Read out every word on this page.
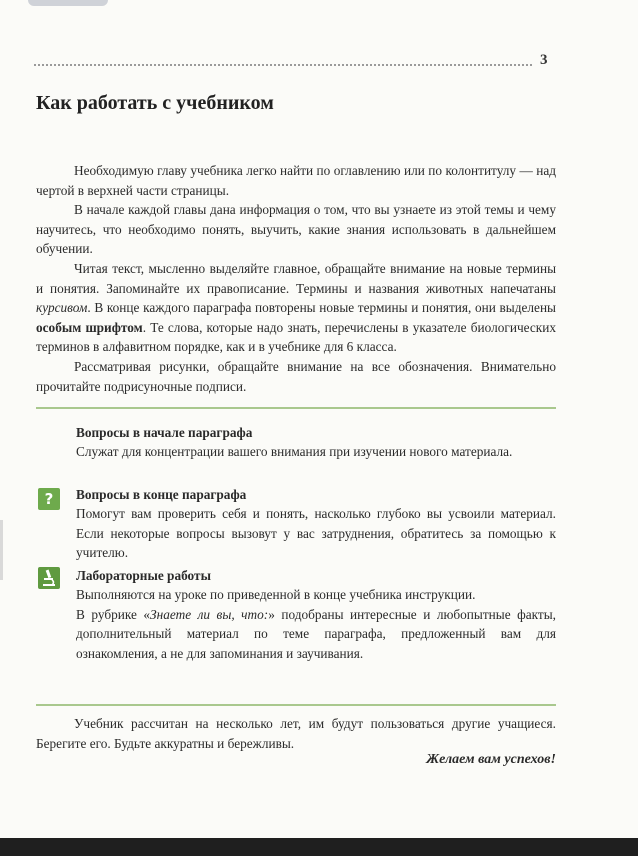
3
Как работать с учебником

Необходимую главу учебника легко найти по оглавлению или по колонтитулу — над чертой в верхней части страницы.

В начале каждой главы дана информация о том, что вы узнаете из этой темы и чему научитесь, что необходимо понять, выучить, какие знания использовать в дальнейшем обучении.

Читая текст, мысленно выделяйте главное, обращайте внимание на новые термины и понятия. Запоминайте их правописание. Термины и названия животных напечатаны курсивом. В конце каждого параграфа повторены новые термины и понятия, они выделены особым шрифтом. Те слова, которые надо знать, перечислены в указателе биологических терминов в алфавитном порядке, как и в учебнике для 6 класса.

Рассматривая рисунки, обращайте внимание на все обозначения. Внимательно прочитайте подрисуночные подписи.

Вопросы в начале параграфа

Служат для концентрации вашего внимания при изучении нового материала.

?	Вопросы в конце параграфа

Помогут вам проверить себя и понять, насколько глубоко вы усвоили материал. Если некоторые вопросы вызовут у вас затруднения, обратитесь за помощью к учителю.

Лабораторные работы

Выполняются на уроке по приведенной в конце учебника инструкции.

В рубрике «Знаете ли вы, что:» подобраны интересные и любопытные факты, дополнительный материал по теме параграфа, предложенный вам для ознакомления, а не для запоминания и заучивания.

Учебник рассчитан на несколько лет, им будут пользоваться другие учащиеся. Берегите его. Будьте аккуратны и бережливы.

Желаем вам успехов!
